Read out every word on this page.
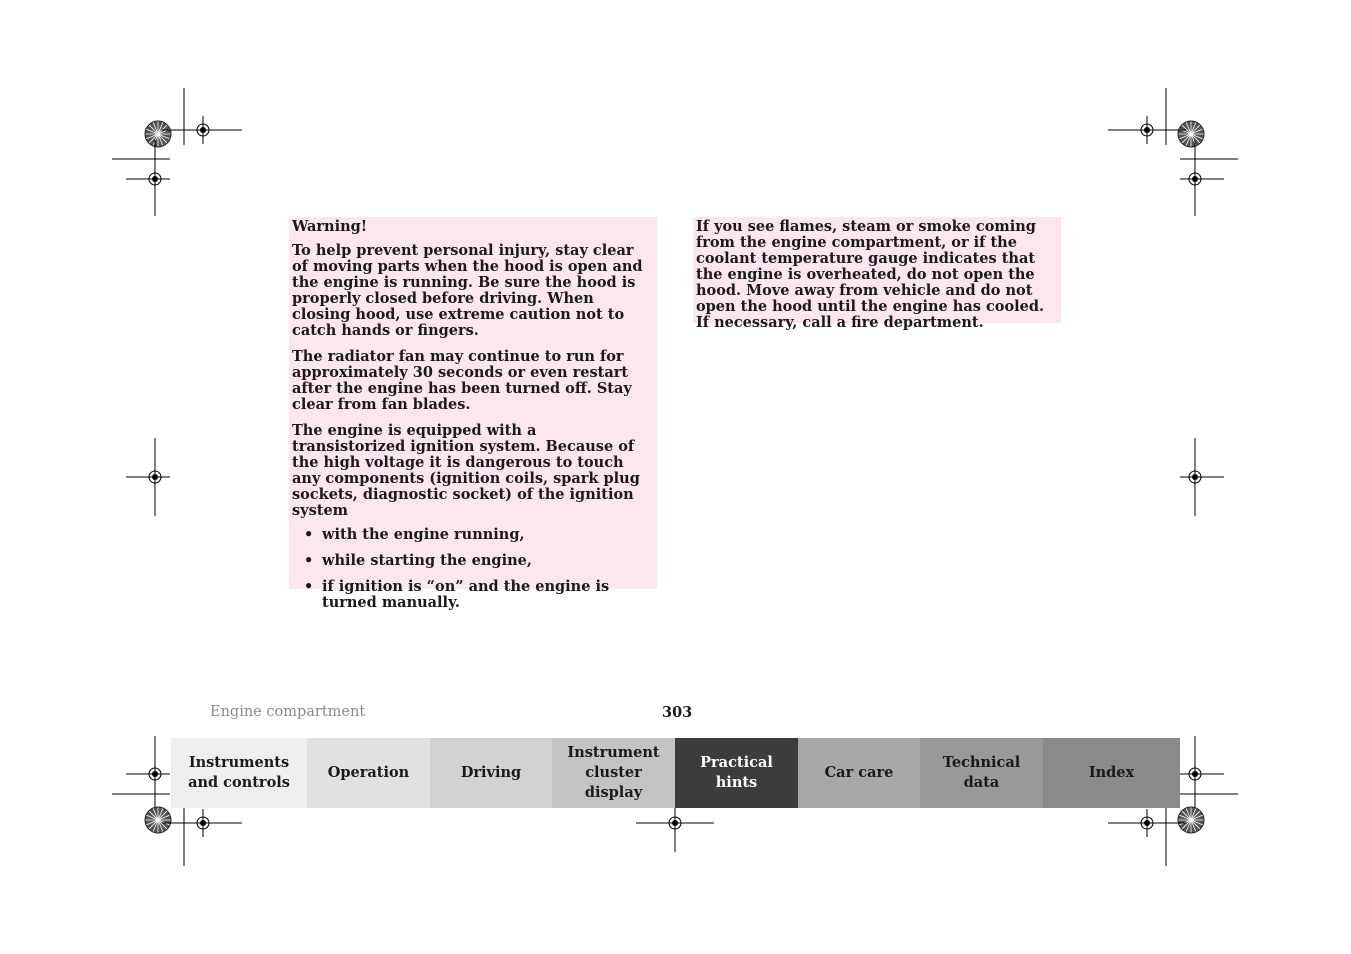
Warning!

To help prevent personal injury, stay clear of moving parts when the hood is open and the engine is running. Be sure the hood is properly closed before driving. When closing hood, use extreme caution not to catch hands or fingers.

The radiator fan may continue to run for approximately 30 seconds or even restart after the engine has been turned off. Stay clear from fan blades.

The engine is equipped with a transistorized ignition system. Because of the high voltage it is dangerous to touch any components (ignition coils, spark plug sockets, diagnostic socket) of the ignition system

• with the engine running,
• while starting the engine,
• if ignition is “on” and the engine is turned manually.

If you see flames, steam or smoke coming from the engine compartment, or if the coolant temperature gauge indicates that the engine is overheated, do not open the hood. Move away from vehicle and do not open the hood until the engine has cooled. If necessary, call a fire department.

Engine compartment	303
Instruments
and controls
Operation	Driving
Instrument
cluster display
Practical hints
Car care
Technical
data
Index
